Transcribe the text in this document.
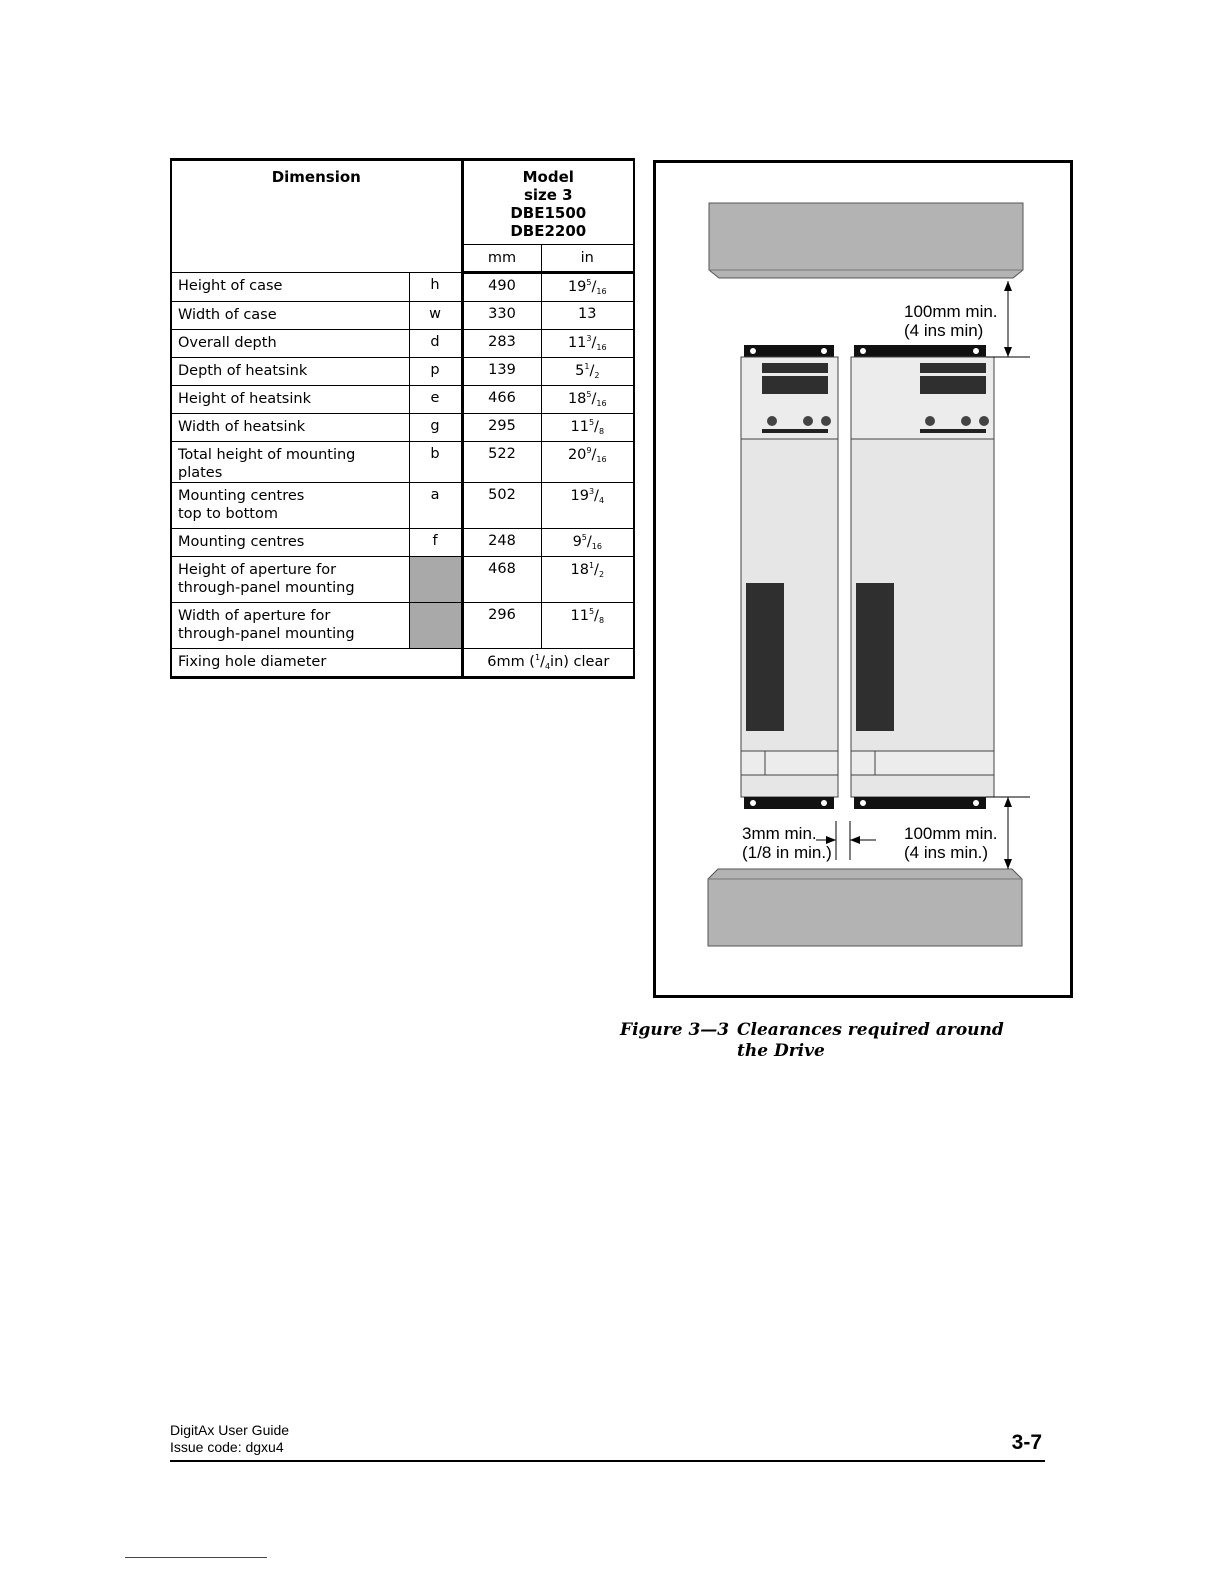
Dimension		Model
size 3
DBE1500
DBE2200	

		mm	in
Height of case	h	490	$19^5/_{16}$
Width of case	w	330	13
Overall depth	d	283	$11^3/_{16}$
Depth of heatsink	p	139	$5^1/_2$
Height of heatsink	e	466	$18^5/_{16}$
Width of heatsink	g	295	$11^5/_8$
Total height of mounting plates	b	522	$20^9/_{16}$

Mounting centres
top to bottom	a	502	$19^3/_4$
Mounting centres	f	248	$9^5/_{16}$

Height of aperture for
through-panel mounting		468	$18^1/_2$

Width of aperture for
through-panel mounting		296	$11^5/_8$
Fixing hole diameter		6mm $(^1/_4in)$ clear	
100mm min.
(4 ins min)
100mm min.
(4 ins min.)
3mm min.
(1/8 in min.)
Figure 3—3 Clearances required around the Drive
DigitAx User Guide
Issue code: dgxu4	3-7
